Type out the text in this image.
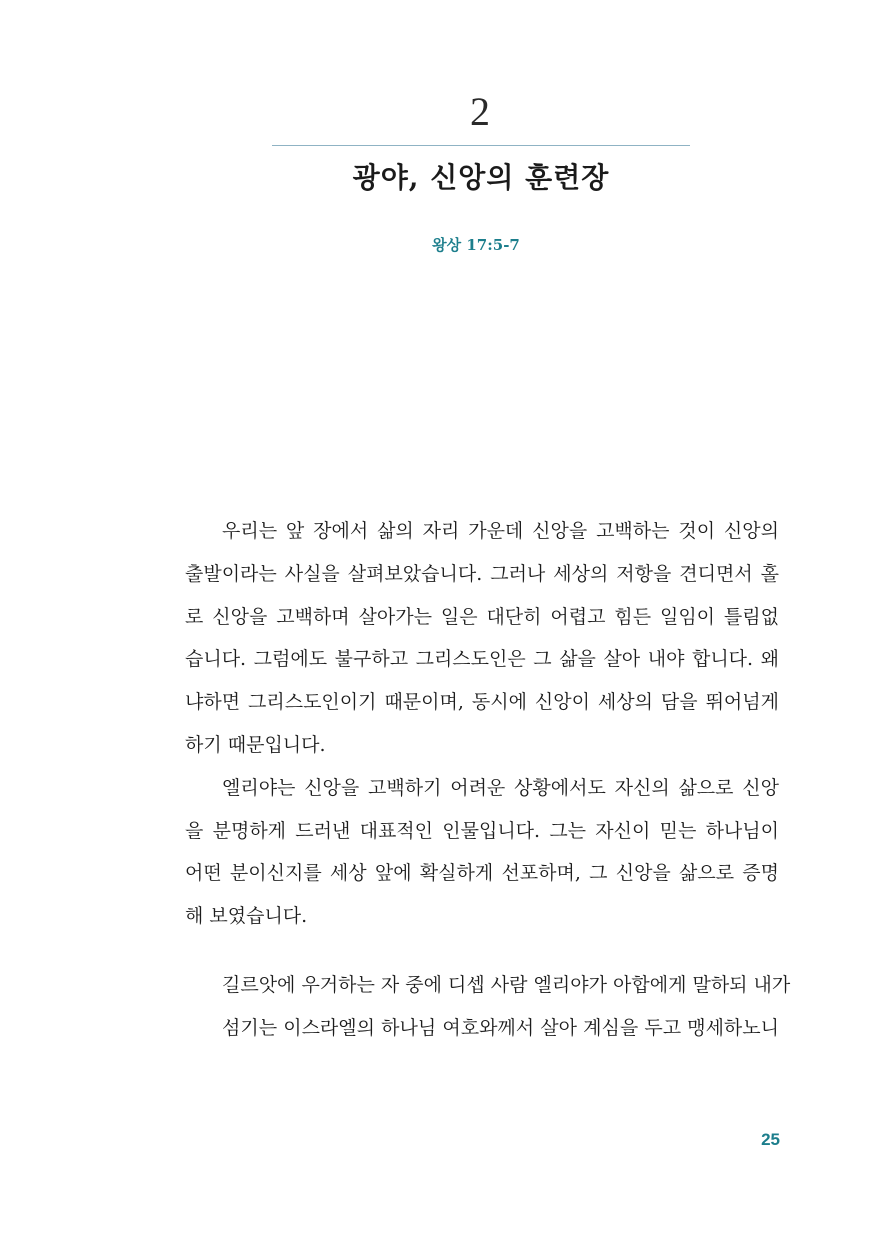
2
광야, 신앙의 훈련장
왕상 17:5-7
우리는 앞 장에서 삶의 자리 가운데 신앙을 고백하는 것이 신앙의
출발이라는 사실을 살펴보았습니다. 그러나 세상의 저항을 견디면서 홀
로 신앙을 고백하며 살아가는 일은 대단히 어렵고 힘든 일임이 틀림없
습니다. 그럼에도 불구하고 그리스도인은 그 삶을 살아 내야 합니다. 왜
냐하면 그리스도인이기 때문이며, 동시에 신앙이 세상의 담을 뛰어넘게
하기 때문입니다.
엘리야는 신앙을 고백하기 어려운 상황에서도 자신의 삶으로 신앙
을 분명하게 드러낸 대표적인 인물입니다. 그는 자신이 믿는 하나님이
어떤 분이신지를 세상 앞에 확실하게 선포하며, 그 신앙을 삶으로 증명
해 보였습니다.
길르앗에 우거하는 자 중에 디셉 사람 엘리야가 아합에게 말하되 내가
섬기는 이스라엘의 하나님 여호와께서 살아 계심을 두고 맹세하노니
25
